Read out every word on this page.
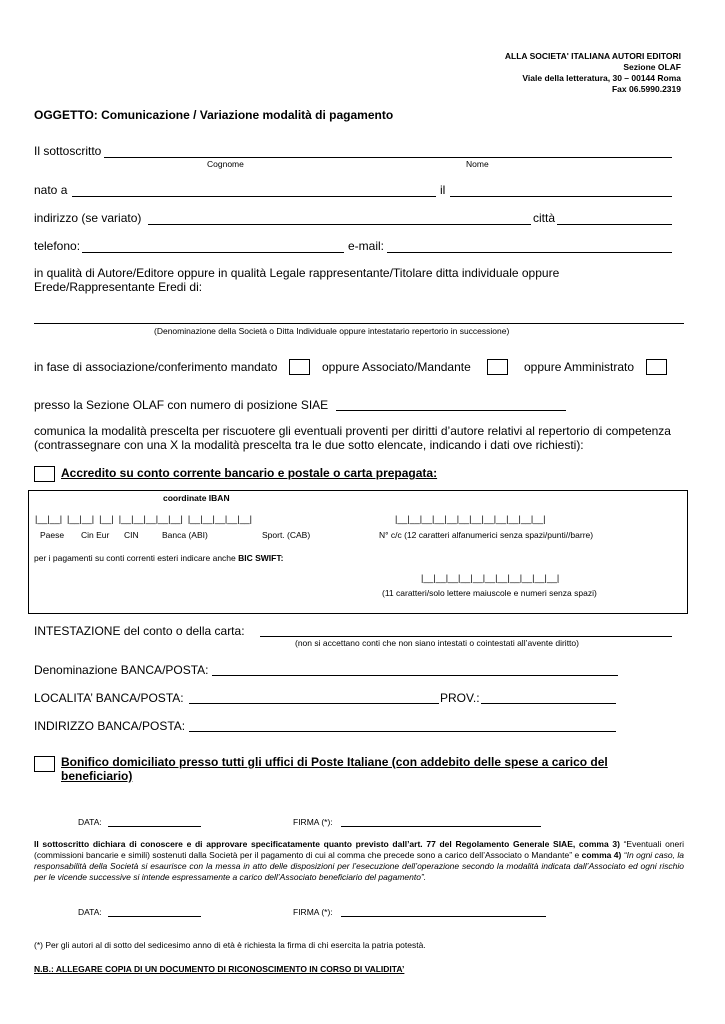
ALLA SOCIETA' ITALIANA AUTORI EDITORI
Sezione OLAF
Viale della letteratura, 30 – 00144 Roma
Fax 06.5990.2319
OGGETTO: Comunicazione / Variazione modalità di pagamento
Il sottoscritto
Cognome	Nome
nato a	il
indirizzo (se variato)	città
telefono:	e-mail:
in qualità di Autore/Editore oppure in qualità Legale rappresentante/Titolare ditta individuale oppure Erede/Rappresentante Eredi di:
(Denominazione della Società o Ditta Individuale oppure intestatario repertorio in successione)
in fase di associazione/conferimento mandato	oppure Associato/Mandante	oppure Amministrato
presso la Sezione OLAF con numero di posizione SIAE
comunica la modalità prescelta per riscuotere gli eventuali proventi per diritti d’autore relativi al repertorio di competenza (contrassegnare con una X la modalità prescelta tra le due sotto elencate, indicando i dati ove richiesti):
Accredito su conto corrente bancario e postale o carta prepagata:
coordinate IBAN
|__|__|  |__|__|  |__|  |__|__|__|__|__|  |__|__|__|__|__|	|__|__|__|__|__|__|__|__|__|__|__|__|
Paese Cin Eur CIN	Banca (ABI)	Sport. (CAB)	N° c/c (12 caratteri alfanumerici senza spazi/punti//barre)
per i pagamenti su conti correnti esteri indicare anche BIC SWIFT:
|__|__|__|__|__|__|__|__|__|__|__|
(11 caratteri/solo lettere maiuscole e numeri senza spazi)
INTESTAZIONE del conto o della carta:
(non si accettano conti che non siano intestati o cointestati all’avente diritto)
Denominazione BANCA/POSTA:
LOCALITA’ BANCA/POSTA:	PROV.:
INDIRIZZO BANCA/POSTA:
Bonifico domiciliato presso tutti gli uffici di Poste Italiane (con addebito delle spese a carico del beneficiario)
DATA:	FIRMA (*):
Il sottoscritto dichiara di conoscere e di approvare specificatamente quanto previsto dall’art. 77 del Regolamento Generale SIAE, comma 3) “Eventuali oneri (commissioni bancarie e simili) sostenuti dalla Società per il pagamento di cui al comma che precede sono a carico dell’Associato o Mandante” e comma 4) “In ogni caso, la responsabilità della Società si esaurisce con la messa in atto delle disposizioni per l’esecuzione dell’operazione secondo la modalità indicata dall’Associato ed ogni rischio per le vicende successive si intende espressamente a carico dell’Associato beneficiario del pagamento”.
DATA:	FIRMA (*):
(*) Per gli autori al di sotto del sedicesimo anno di età è richiesta la firma di chi esercita la patria potestà.
N.B.: ALLEGARE COPIA DI UN DOCUMENTO DI RICONOSCIMENTO IN CORSO DI VALIDITA’
